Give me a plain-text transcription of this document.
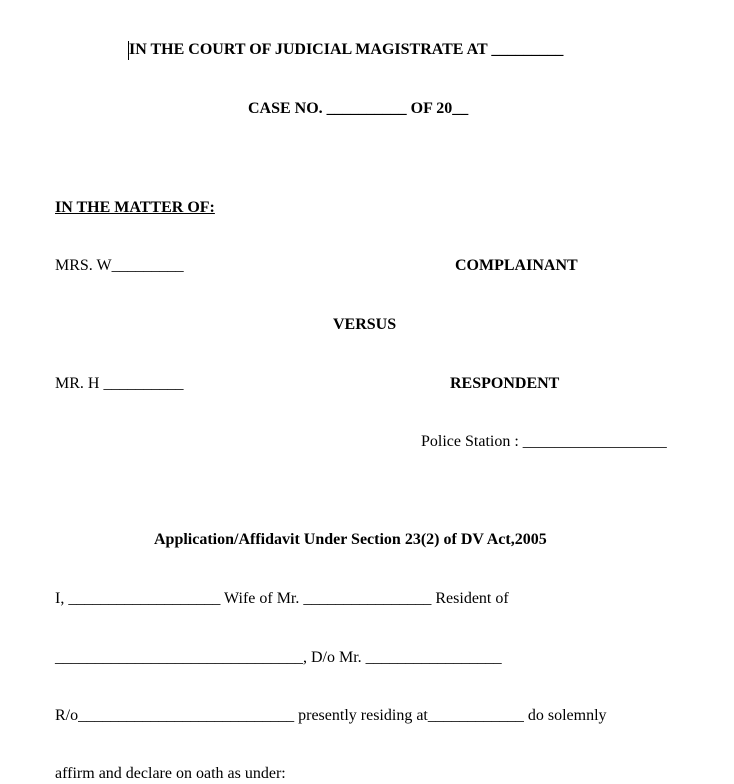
IN THE COURT OF JUDICIAL MAGISTRATE AT _________
CASE NO. __________ OF 20__
IN THE MATTER OF:
MRS. W_________	COMPLAINANT
VERSUS
MR. H __________	RESPONDENT
Police Station : __________________
Application/Affidavit Under Section 23(2) of DV Act,2005
I, ___________________ Wife of Mr. ________________ Resident of
_______________________________, D/o Mr. _________________
R/o___________________________ presently residing at____________ do solemnly
affirm and declare on oath as under:
